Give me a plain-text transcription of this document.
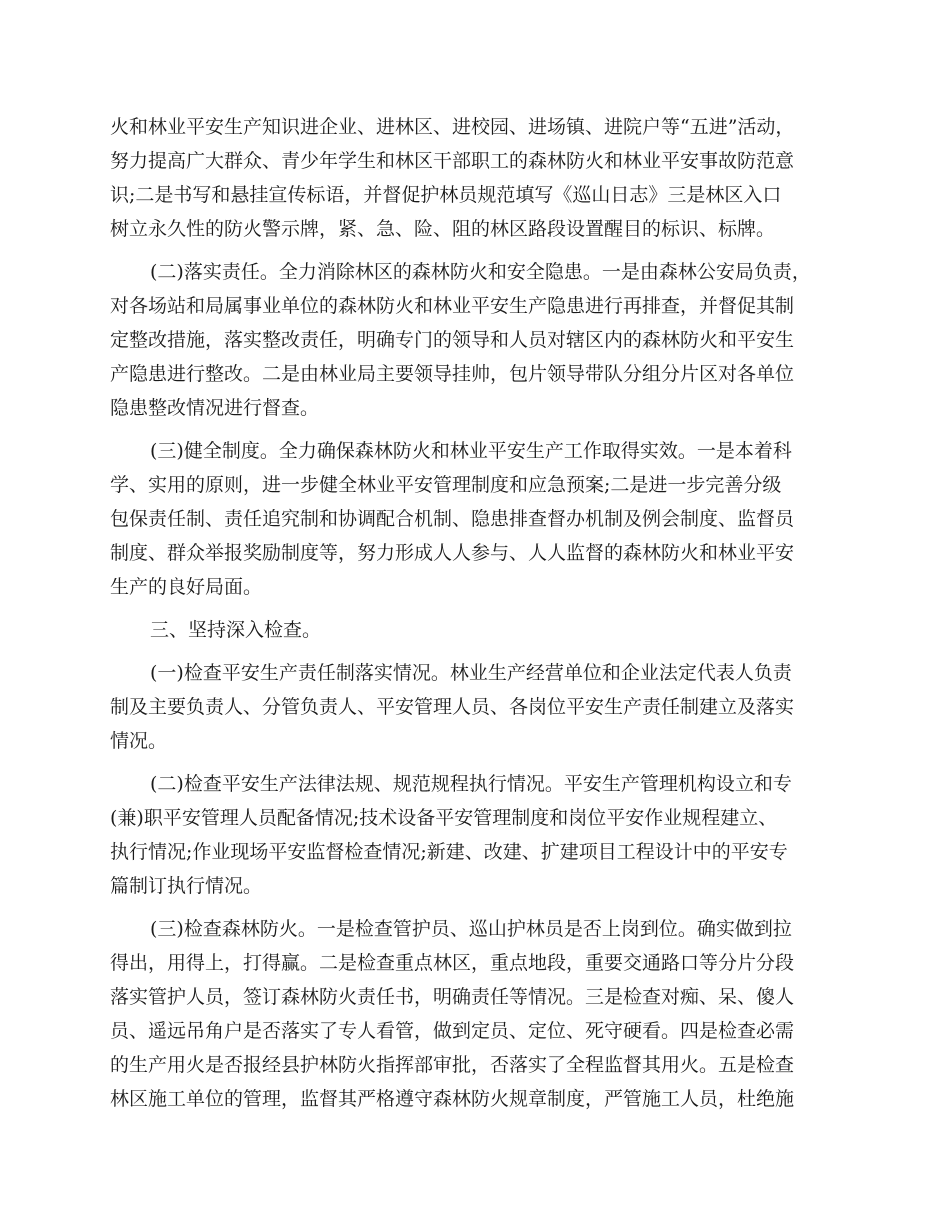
火和林业平安生产知识进企业、进林区、进校园、进场镇、进院户等“五进”活动，
努力提高广大群众、青少年学生和林区干部职工的森林防火和林业平安事故防范意
识;二是书写和悬挂宣传标语，并督促护林员规范填写《巡山日志》三是林区入口
树立永久性的防火警示牌，紧、急、险、阻的林区路段设置醒目的标识、标牌。
(二)落实责任。全力消除林区的森林防火和安全隐患。一是由森林公安局负责，
对各场站和局属事业单位的森林防火和林业平安生产隐患进行再排查，并督促其制
定整改措施，落实整改责任，明确专门的领导和人员对辖区内的森林防火和平安生
产隐患进行整改。二是由林业局主要领导挂帅，包片领导带队分组分片区对各单位
隐患整改情况进行督查。
(三)健全制度。全力确保森林防火和林业平安生产工作取得实效。一是本着科
学、实用的原则，进一步健全林业平安管理制度和应急预案;二是进一步完善分级
包保责任制、责任追究制和协调配合机制、隐患排查督办机制及例会制度、监督员
制度、群众举报奖励制度等，努力形成人人参与、人人监督的森林防火和林业平安
生产的良好局面。
三、坚持深入检查。
(一)检查平安生产责任制落实情况。林业生产经营单位和企业法定代表人负责
制及主要负责人、分管负责人、平安管理人员、各岗位平安生产责任制建立及落实
情况。
(二)检查平安生产法律法规、规范规程执行情况。平安生产管理机构设立和专
(兼)职平安管理人员配备情况;技术设备平安管理制度和岗位平安作业规程建立、
执行情况;作业现场平安监督检查情况;新建、改建、扩建项目工程设计中的平安专
篇制订执行情况。
(三)检查森林防火。一是检查管护员、巡山护林员是否上岗到位。确实做到拉
得出，用得上，打得赢。二是检查重点林区，重点地段，重要交通路口等分片分段
落实管护人员，签订森林防火责任书，明确责任等情况。三是检查对痴、呆、傻人
员、遥远吊角户是否落实了专人看管，做到定员、定位、死守硬看。四是检查必需
的生产用火是否报经县护林防火指挥部审批，否落实了全程监督其用火。五是检查
林区施工单位的管理，监督其严格遵守森林防火规章制度，严管施工人员，杜绝施
